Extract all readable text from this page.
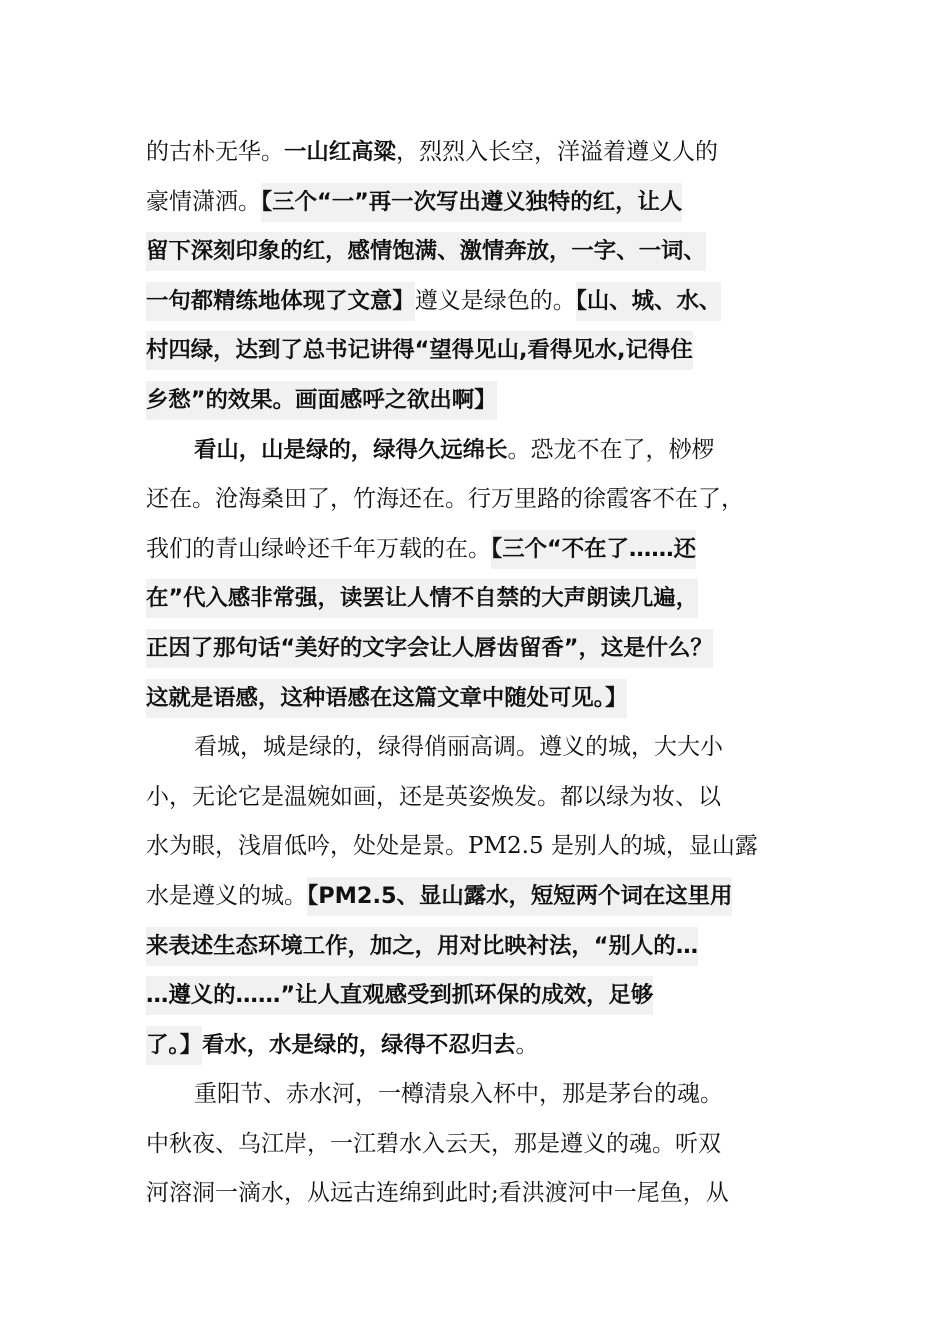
的古朴无华。一山红高粱，烈烈入长空，洋溢着遵义人的
豪情潇洒。【三个“一”再一次写出遵义独特的红，让人
留下深刻印象的红，感情饱满、激情奔放，一字、一词、
一句都精练地体现了文意】遵义是绿色的。【山、城、水、
村四绿，达到了总书记讲得“望得见山,看得见水,记得住
乡愁”的效果。画面感呼之欲出啊】
看山，山是绿的，绿得久远绵长。恐龙不在了，桫椤
还在。沧海桑田了，竹海还在。行万里路的徐霞客不在了，
我们的青山绿岭还千年万载的在。【三个“不在了……还
在”代入感非常强，读罢让人情不自禁的大声朗读几遍，
正因了那句话“美好的文字会让人唇齿留香”，这是什么？
这就是语感，这种语感在这篇文章中随处可见。】
看城，城是绿的，绿得俏丽高调。遵义的城，大大小
小，无论它是温婉如画，还是英姿焕发。都以绿为妆、以
水为眼，浅眉低吟，处处是景。PM2.5 是别人的城，显山露
水是遵义的城。【PM2.5、显山露水，短短两个词在这里用
来表述生态环境工作，加之，用对比映衬法，“别人的…
…遵义的……”让人直观感受到抓环保的成效，足够
了。】看水，水是绿的，绿得不忍归去。
重阳节、赤水河，一樽清泉入杯中，那是茅台的魂。
中秋夜、乌江岸，一江碧水入云天，那是遵义的魂。听双
河溶洞一滴水，从远古连绵到此时;看洪渡河中一尾鱼，从
